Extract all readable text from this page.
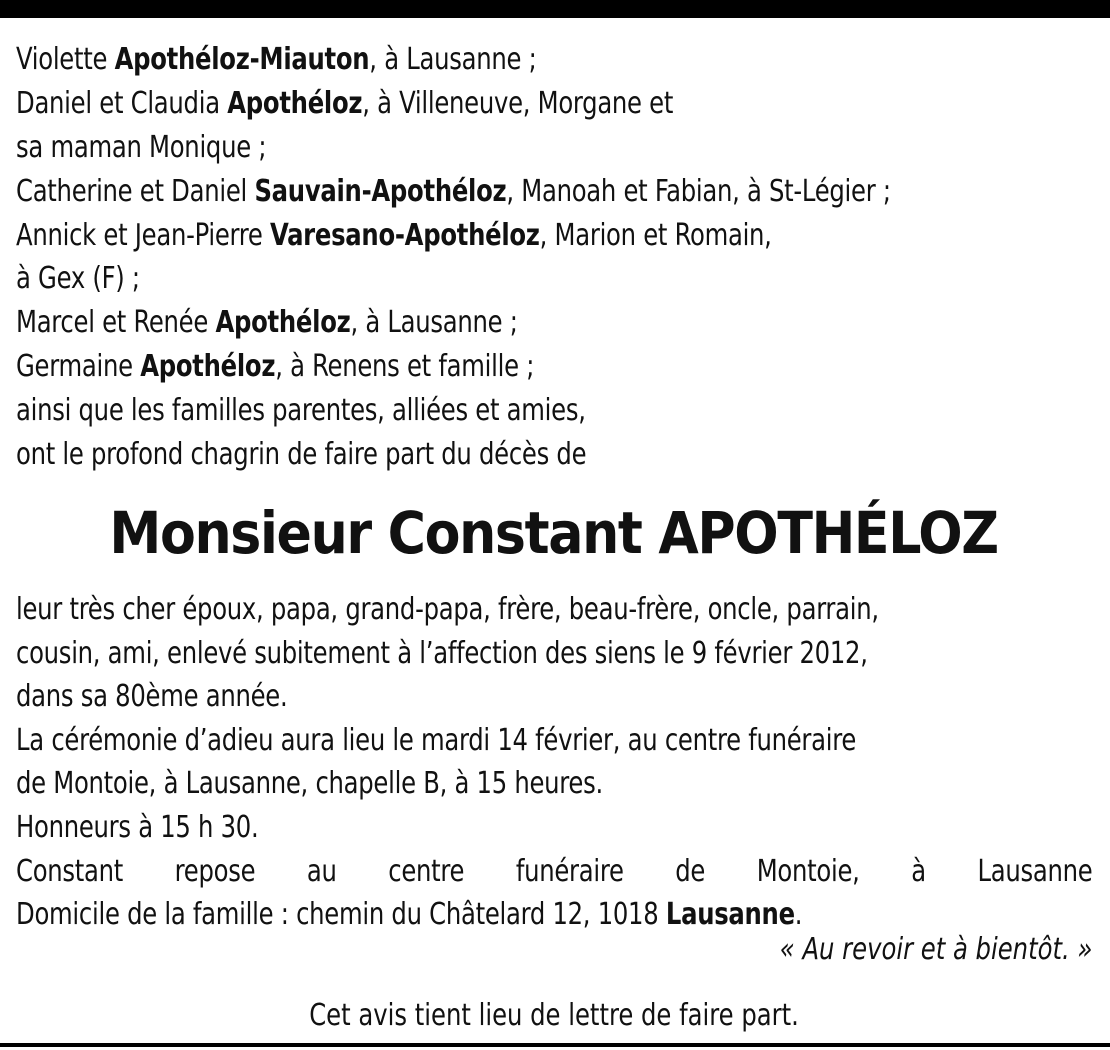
Violette Apothéloz-Miauton, à Lausanne ;
Daniel et Claudia Apothéloz, à Villeneuve, Morgane et
sa maman Monique ;
Catherine et Daniel Sauvain-Apothéloz, Manoah et Fabian, à St-Légier ;
Annick et Jean-Pierre Varesano-Apothéloz, Marion et Romain,
à Gex (F) ;
Marcel et Renée Apothéloz, à Lausanne ;
Germaine Apothéloz, à Renens et famille ;
ainsi que les familles parentes, alliées et amies,
ont le profond chagrin de faire part du décès de
Monsieur Constant APOTHÉLOZ
leur très cher époux, papa, grand-papa, frère, beau-frère, oncle, parrain,
cousin, ami, enlevé subitement à l’affection des siens le 9 février 2012,
dans sa 80ème année.
La cérémonie d’adieu aura lieu le mardi 14 février, au centre funéraire
de Montoie, à Lausanne, chapelle B, à 15 heures.
Honneurs à 15 h 30.
Constant repose au centre funéraire de Montoie, à Lausanne
Domicile de la famille : chemin du Châtelard 12, 1018 Lausanne.
« Au revoir et à bientôt. »
Cet avis tient lieu de lettre de faire part.
